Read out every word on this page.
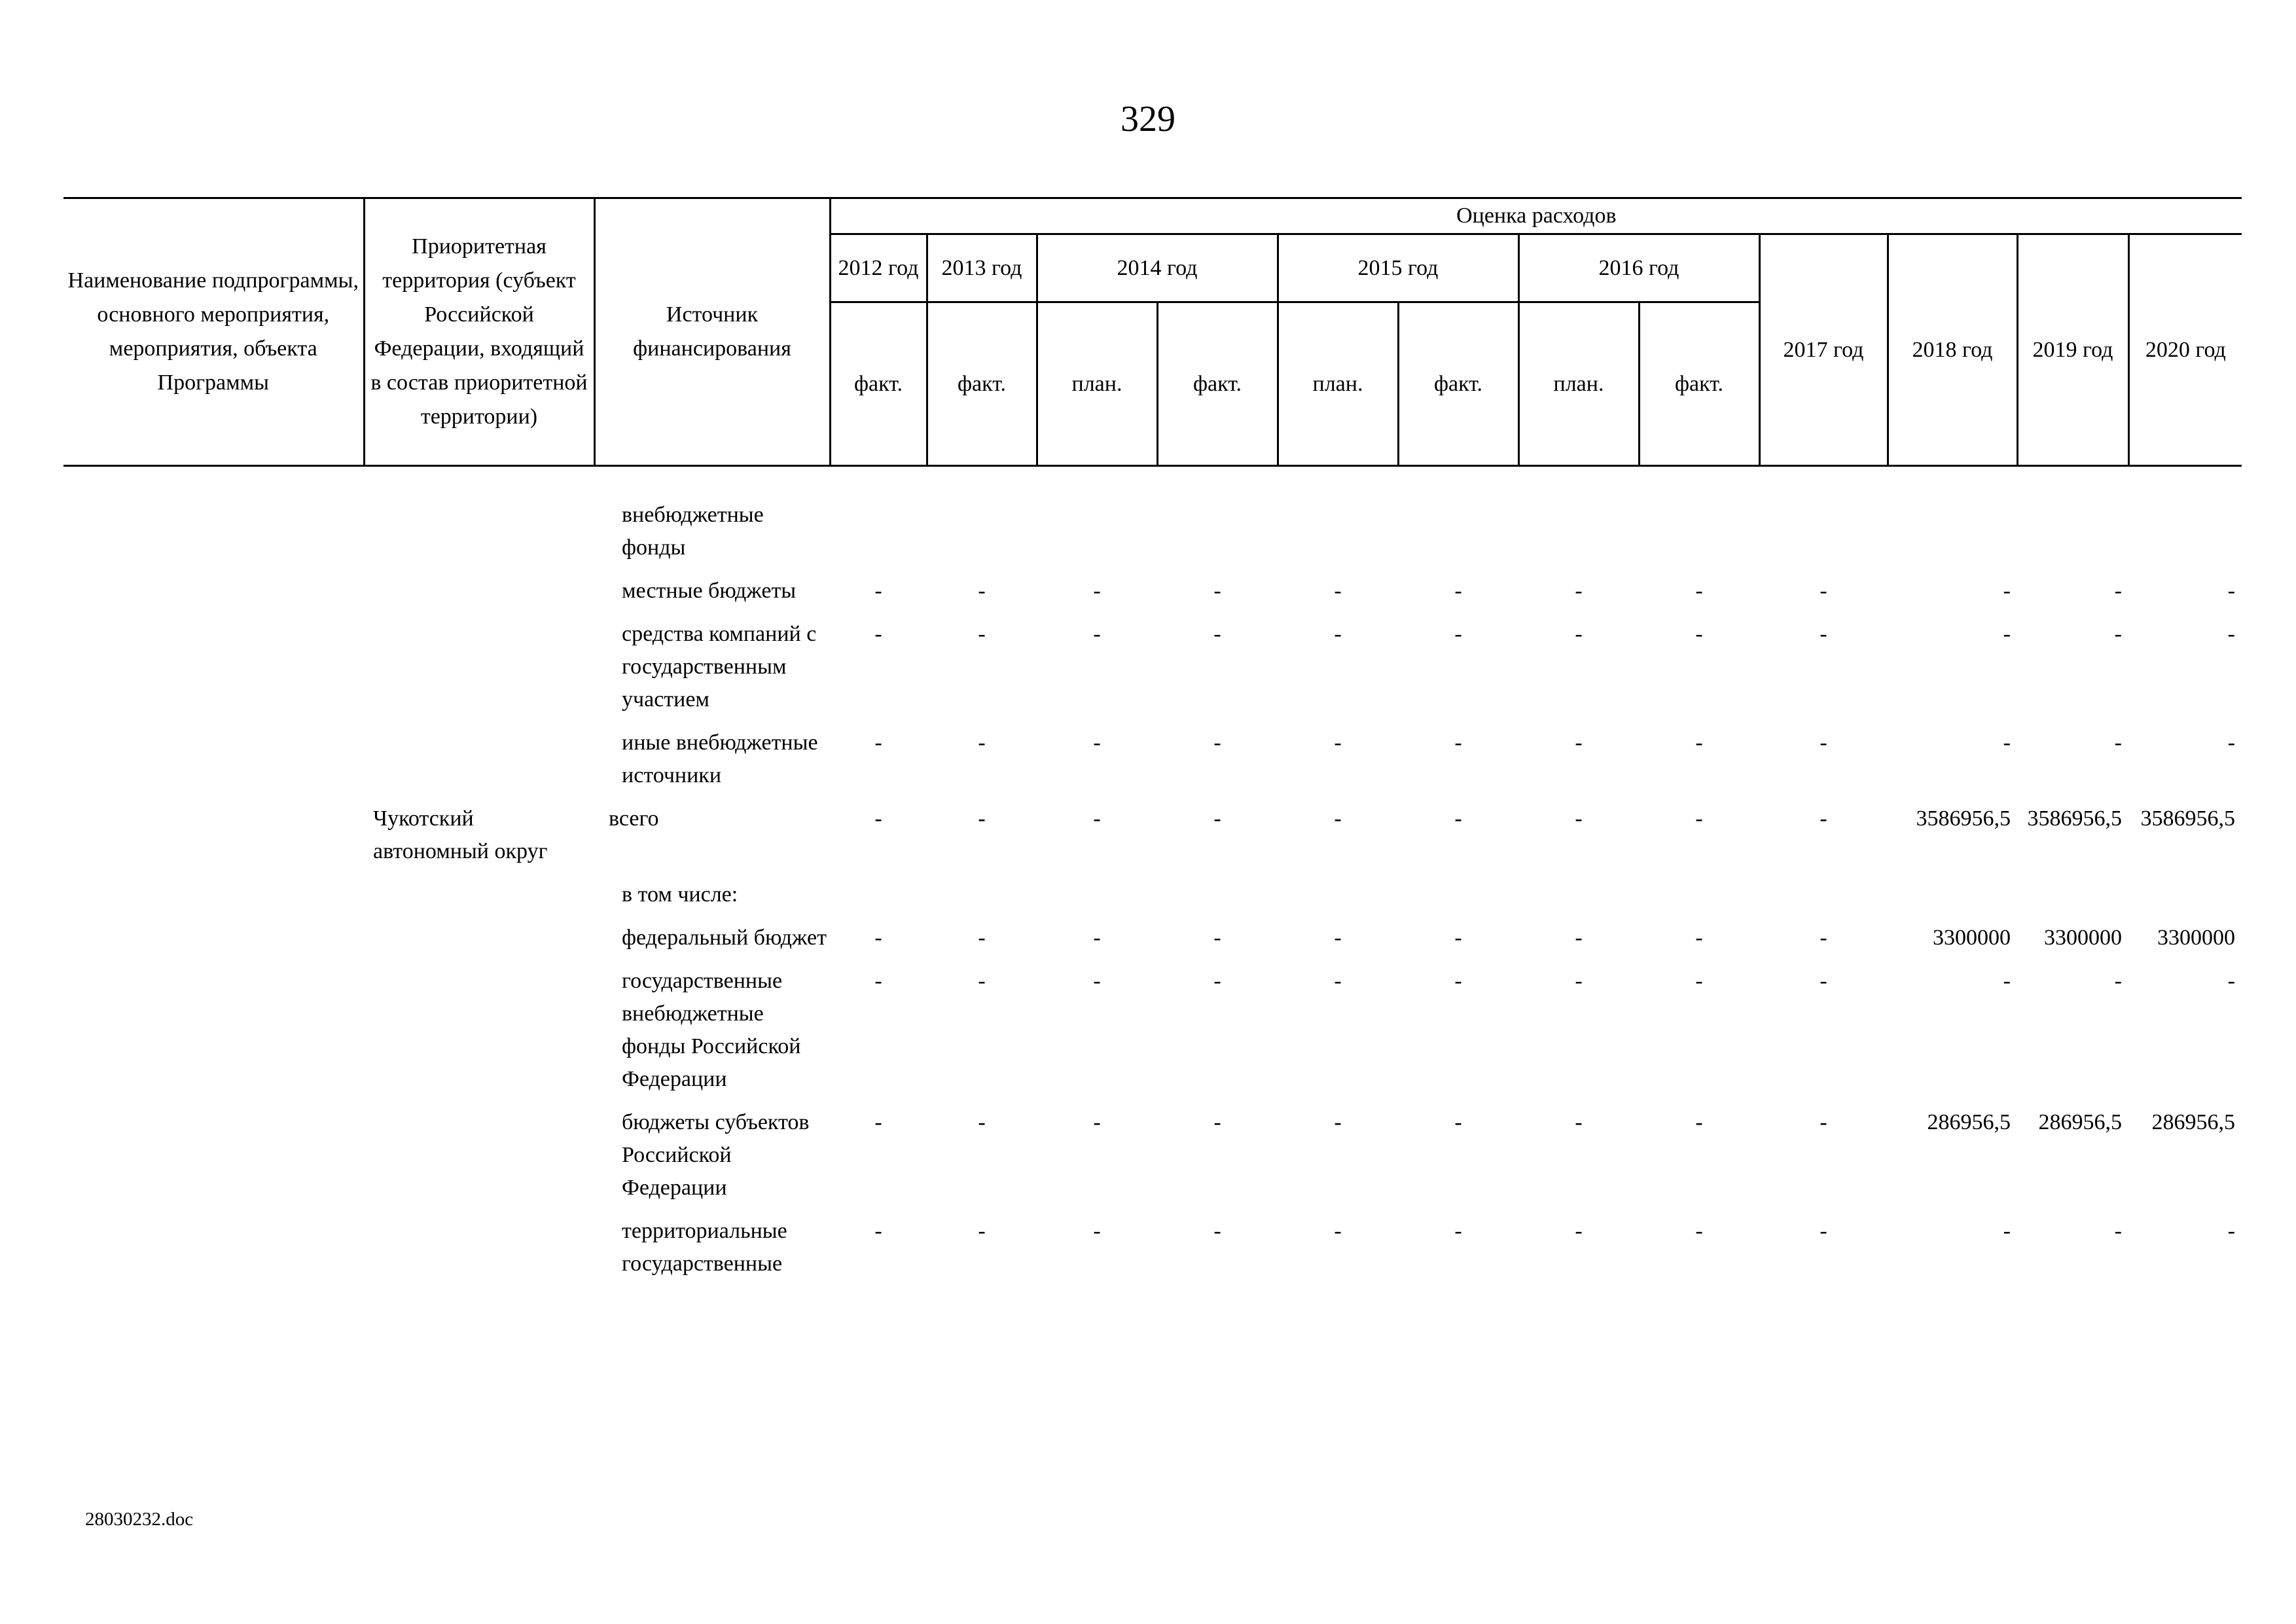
329
Наименование подпрограммы, основного мероприятия, мероприятия, объекта Программы	Приоритетная территория (субъект Российской Федерации, входящий в состав приоритетной территории)	Источник финансирования	Оценка расходов											
			2012 год	2013 год	2014 год		2015 год		2016 год		2017 год	2018 год	2019 год	2020 год
			факт.	факт.	план.	факт.	план.	факт.	план.	факт.				
		внебюджетные фонды												
		местные бюджеты	-	-	-	-	-	-	-	-	-	-	-	-
		средства компаний с государственным участием	-	-	-	-	-	-	-	-	-	-	-	-
		иные внебюджетные источники	-	-	-	-	-	-	-	-	-	-	-	-
	Чукотский автономный округ	всего	-	-	-	-	-	-	-	-	-	3586956,5	3586956,5	3586956,5
		в том числе:												
		федеральный бюджет	-	-	-	-	-	-	-	-	-	3300000	3300000	3300000
		государственные внебюджетные фонды Российской Федерации	-	-	-	-	-	-	-	-	-	-	-	-
		бюджеты субъектов Российской Федерации	-	-	-	-	-	-	-	-	-	286956,5	286956,5	286956,5
		территориальные государственные	-	-	-	-	-	-	-	-	-	-	-	-
28030232.doc
